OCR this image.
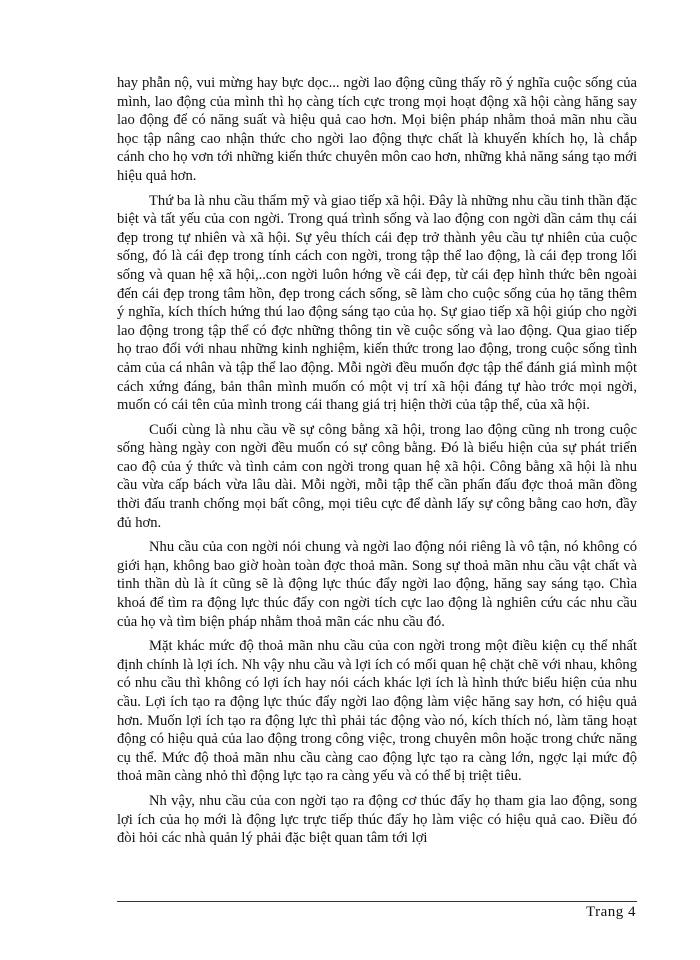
hay phẫn nộ, vui mừng hay bực dọc... ngời lao động cũng thấy rõ ý nghĩa cuộc sống của mình, lao động của mình thì họ càng tích cực trong mọi hoạt động xã hội càng hăng say lao động để có năng suất và hiệu quả cao hơn. Mọi biện pháp nhằm thoả mãn nhu cầu học tập nâng cao nhận thức cho ngời lao động thực chất là khuyến khích họ, là chắp cánh cho họ vơn tới những kiến thức chuyên môn cao hơn, những khả năng sáng tạo mới hiệu quả hơn.

Thứ ba là nhu cầu thẩm mỹ và giao tiếp xã hội. Đây là những nhu cầu tinh thần đặc biệt và tất yếu của con ngời. Trong quá trình sống và lao động con ngời dần cảm thụ cái đẹp trong tự nhiên và xã hội. Sự yêu thích cái đẹp trở thành yêu cầu tự nhiên của cuộc sống, đó là cái đẹp trong tính cách con ngời, trong tập thể lao động, là cái đẹp trong lối sống và quan hệ xã hội,..con ngời luôn hớng về cái đẹp, từ cái đẹp hình thức bên ngoài đến cái đẹp trong tâm hồn, đẹp trong cách sống, sẽ làm cho cuộc sống của họ tăng thêm ý nghĩa, kích thích hứng thú lao động sáng tạo của họ. Sự giao tiếp xã hội giúp cho ngời lao động trong tập thể có đợc những thông tin về cuộc sống và lao động. Qua giao tiếp họ trao đổi với nhau những kinh nghiệm, kiến thức trong lao động, trong cuộc sống tình cảm của cá nhân và tập thể lao động. Mỗi ngời đều muốn đợc tập thể đánh giá mình một cách xứng đáng, bản thân mình muốn có một vị trí xã hội đáng tự hào trớc mọi ngời, muốn có cái tên của mình trong cái thang giá trị hiện thời của tập thể, của xã hội.

Cuối cùng là nhu cầu về sự công bằng xã hội, trong lao động cũng nh trong cuộc sống hàng ngày con ngời đều muốn có sự công bằng. Đó là biểu hiện của sự phát triển cao độ của ý thức và tình cảm con ngời trong quan hệ xã hội. Công bằng xã hội là nhu cầu vừa cấp bách vừa lâu dài. Mỗi ngời, mỗi tập thể cần phấn đấu đợc thoả mãn đồng thời đấu tranh chống mọi bất công, mọi tiêu cực để dành lấy sự công bằng cao hơn, đầy đủ hơn.

Nhu cầu của con ngời nói chung và ngời lao động nói riêng là vô tận, nó không có giới hạn, không bao giờ hoàn toàn đợc thoả mãn. Song sự thoả mãn nhu cầu vật chất và tinh thần dù là ít cũng sẽ là động lực thúc đẩy ngời lao động, hăng say sáng tạo. Chìa khoá để tìm ra động lực thúc đẩy con ngời tích cực lao động là nghiên cứu các nhu cầu của họ và tìm biện pháp nhằm thoả mãn các nhu cầu đó.

Mặt khác mức độ thoả mãn nhu cầu của con ngời trong một điều kiện cụ thể nhất định chính là lợi ích. Nh vậy nhu cầu và lợi ích có mối quan hệ chặt chẽ với nhau, không có nhu cầu thì không có lợi ích hay nói cách khác lợi ích là hình thức biểu hiện của nhu cầu. Lợi ích tạo ra động lực thúc đẩy ngời lao động làm việc hăng say hơn, có hiệu quả hơn. Muốn lợi ích tạo ra động lực thì phải tác động vào nó, kích thích nó, làm tăng hoạt động có hiệu quả của lao động trong công việc, trong chuyên môn hoặc trong chức năng cụ thể. Mức độ thoả mãn nhu cầu càng cao động lực tạo ra càng lớn, ngợc lại mức độ thoả mãn càng nhỏ thì động lực tạo ra càng yếu và có thể bị triệt tiêu.

Nh vậy, nhu cầu của con ngời tạo ra động cơ thúc đẩy họ tham gia lao động, song lợi ích của họ mới là động lực trực tiếp thúc đẩy họ làm việc có hiệu quả cao. Điều đó đòi hỏi các nhà quản lý phải đặc biệt quan tâm tới lợi

Trang 4
